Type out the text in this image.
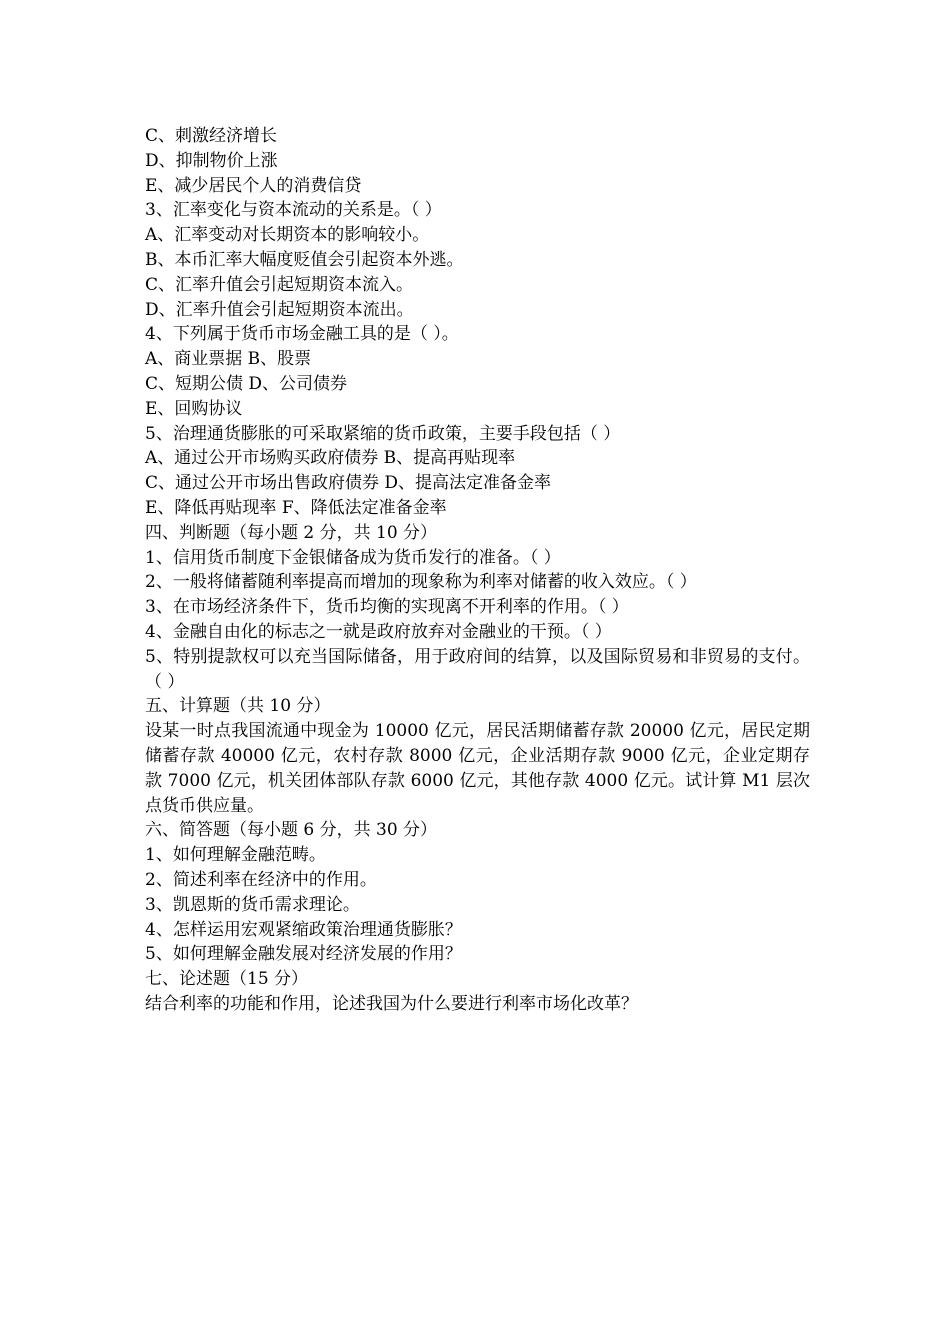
C、刺激经济增长
D、抑制物价上涨
E、减少居民个人的消费信贷
3、汇率变化与资本流动的关系是。（ ）
A、汇率变动对长期资本的影响较小。
B、本币汇率大幅度贬值会引起资本外逃。
C、汇率升值会引起短期资本流入。
D、汇率升值会引起短期资本流出。
4、下列属于货币市场金融工具的是（ ）。
A、商业票据 B、股票
C、短期公债 D、公司债券
E、回购协议
5、治理通货膨胀的可采取紧缩的货币政策，主要手段包括（ ）
A、通过公开市场购买政府债券 B、提高再贴现率
C、通过公开市场出售政府债券 D、提高法定准备金率
E、降低再贴现率 F、降低法定准备金率
四、判断题（每小题 2 分，共 10 分）
1、信用货币制度下金银储备成为货币发行的准备。（ ）
2、一般将储蓄随利率提高而增加的现象称为利率对储蓄的收入效应。（ ）
3、在市场经济条件下，货币均衡的实现离不开利率的作用。（ ）
4、金融自由化的标志之一就是政府放弃对金融业的干预。（ ）
5、特别提款权可以充当国际储备，用于政府间的结算，以及国际贸易和非贸易的支付。（ ）
五、计算题（共 10 分）
设某一时点我国流通中现金为 10000 亿元，居民活期储蓄存款 20000 亿元，居民定期储蓄存款 40000 亿元，农村存款 8000 亿元，企业活期存款 9000 亿元，企业定期存款 7000 亿元，机关团体部队存款 6000 亿元，其他存款 4000 亿元。试计算 M1 层次点货币供应量。
六、简答题（每小题 6 分，共 30 分）
1、如何理解金融范畴。
2、简述利率在经济中的作用。
3、凯恩斯的货币需求理论。
4、怎样运用宏观紧缩政策治理通货膨胀？
5、如何理解金融发展对经济发展的作用？
七、论述题（15 分）
结合利率的功能和作用，论述我国为什么要进行利率市场化改革？
